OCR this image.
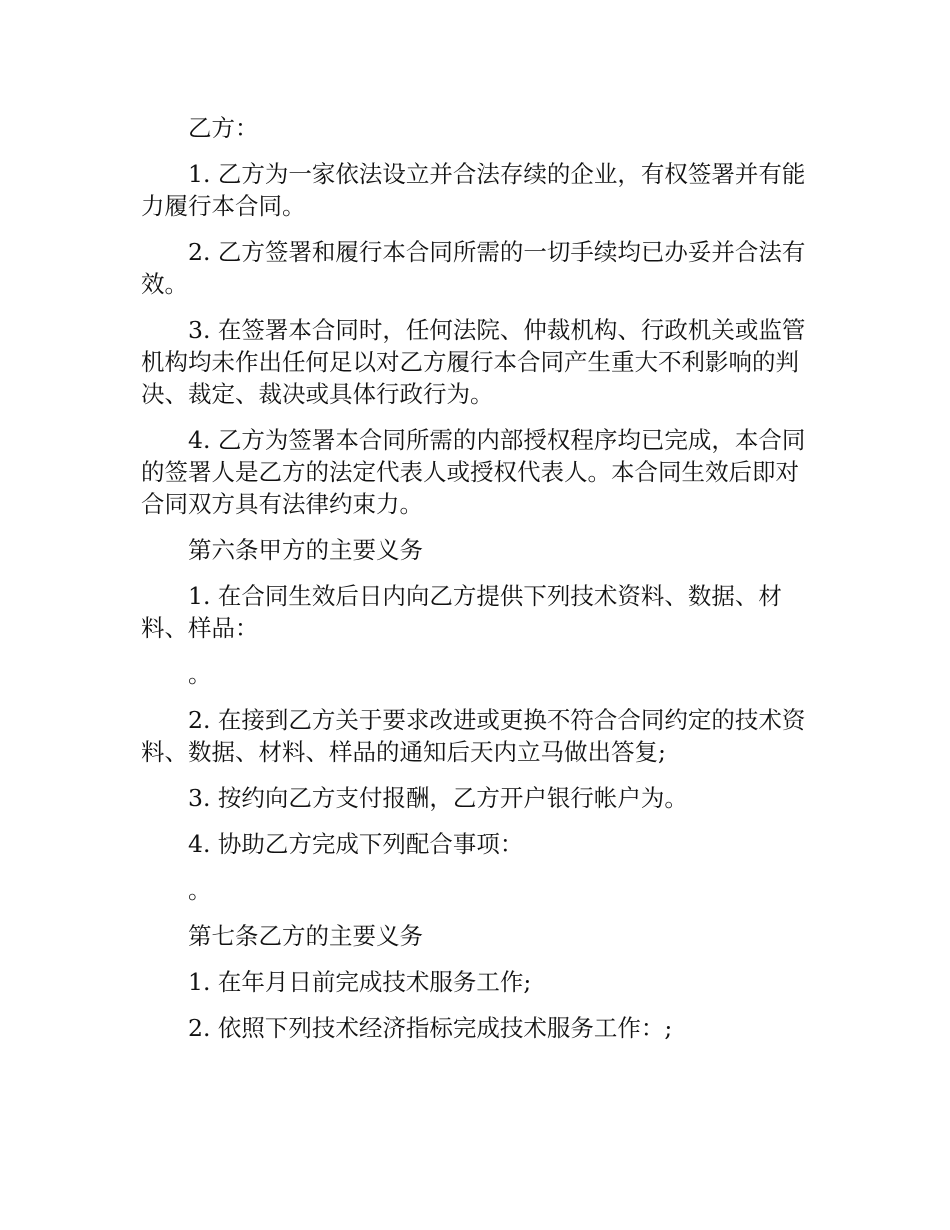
乙方：

1. 乙方为一家依法设立并合法存续的企业，有权签署并有能力履行本合同。

2. 乙方签署和履行本合同所需的一切手续均已办妥并合法有效。

3. 在签署本合同时，任何法院、仲裁机构、行政机关或监管机构均未作出任何足以对乙方履行本合同产生重大不利影响的判决、裁定、裁决或具体行政行为。

4. 乙方为签署本合同所需的内部授权程序均已完成，本合同的签署人是乙方的法定代表人或授权代表人。本合同生效后即对合同双方具有法律约束力。

第六条甲方的主要义务

1. 在合同生效后日内向乙方提供下列技术资料、数据、材料、样品：

。

2. 在接到乙方关于要求改进或更换不符合合同约定的技术资料、数据、材料、样品的通知后天内立马做出答复;

3. 按约向乙方支付报酬，乙方开户银行帐户为。

4. 协助乙方完成下列配合事项：

。

第七条乙方的主要义务

1. 在年月日前完成技术服务工作;

2. 依照下列技术经济指标完成技术服务工作：;
